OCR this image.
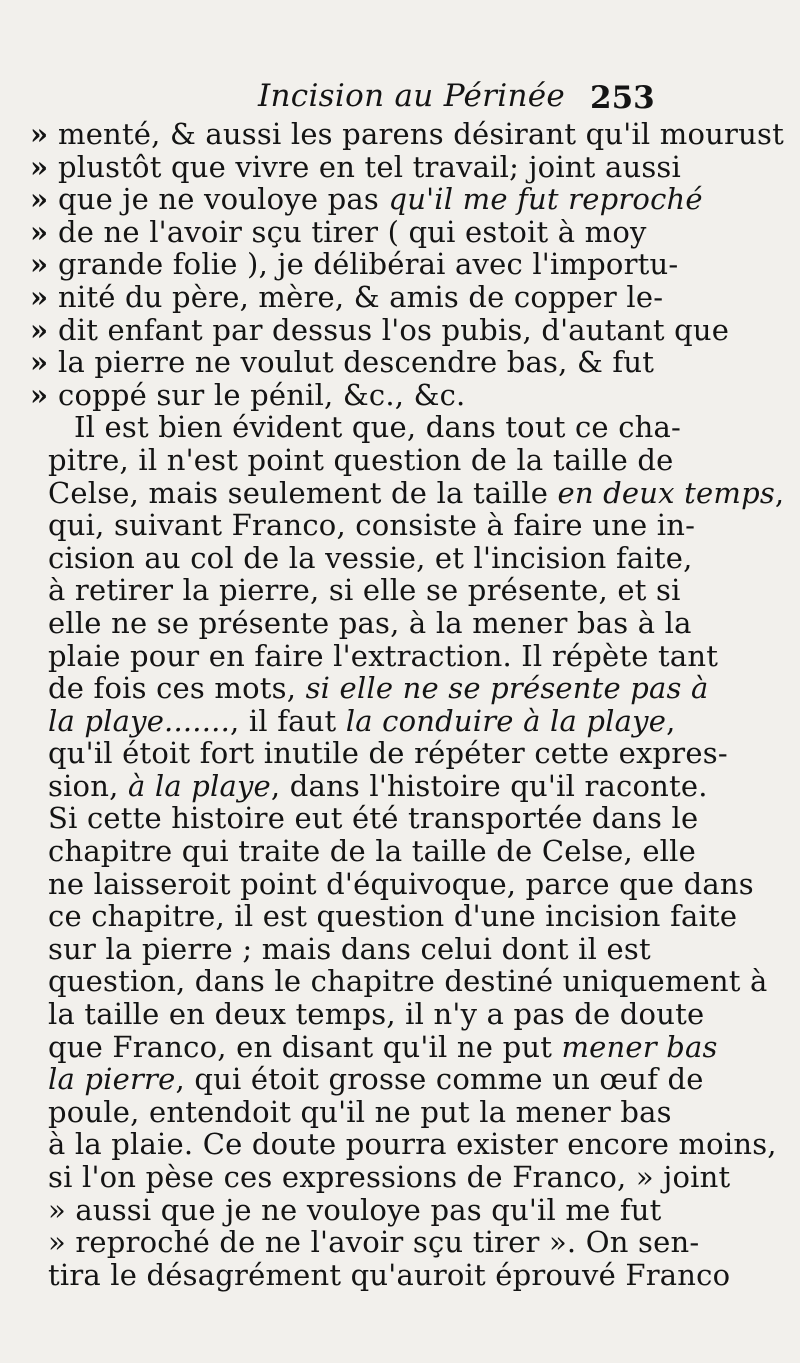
Incision au Périnée 253
» menté, & aussi les parens désirant qu'il mourust
» plustôt que vivre en tel travail; joint aussi
» que je ne vouloye pas qu'il me fut reproché
» de ne l'avoir sçu tirer ( qui estoit à moy
» grande folie ), je délibérai avec l'importu-
» nité du père, mère, & amis de copper le-
» dit enfant par dessus l'os pubis, d'autant que
» la pierre ne voulut descendre bas, & fut
» coppé sur le pénil, &c., &c.
Il est bien évident que, dans tout ce cha-
pitre, il n'est point question de la taille de
Celse, mais seulement de la taille en deux temps,
qui, suivant Franco, consiste à faire une in-
cision au col de la vessie, et l'incision faite,
à retirer la pierre, si elle se présente, et si
elle ne se présente pas, à la mener bas à la
plaie pour en faire l'extraction. Il répète tant
de fois ces mots, si elle ne se présente pas à
la playe......., il faut la conduire à la playe,
qu'il étoit fort inutile de répéter cette expres-
sion, à la playe, dans l'histoire qu'il raconte.
Si cette histoire eut été transportée dans le
chapitre qui traite de la taille de Celse, elle
ne laisseroit point d'équivoque, parce que dans
ce chapitre, il est question d'une incision faite
sur la pierre ; mais dans celui dont il est
question, dans le chapitre destiné uniquement à
la taille en deux temps, il n'y a pas de doute
que Franco, en disant qu'il ne put mener bas
la pierre, qui étoit grosse comme un œuf de
poule, entendoit qu'il ne put la mener bas
à la plaie. Ce doute pourra exister encore moins,
si l'on pèse ces expressions de Franco, » joint
» aussi que je ne vouloye pas qu'il me fut
» reproché de ne l'avoir sçu tirer ». On sen-
tira le désagrément qu'auroit éprouvé Franco
